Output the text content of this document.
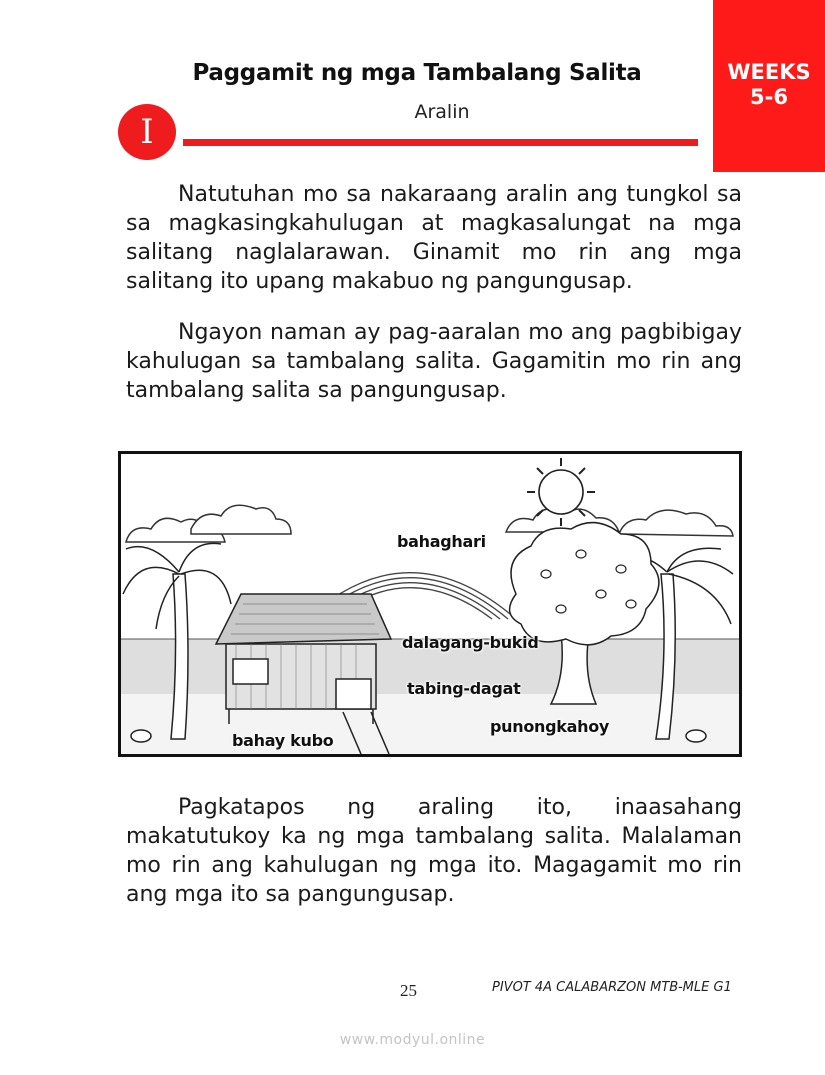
WEEKS
5-6
Paggamit ng mga Tambalang Salita
Aralin
I
Natutuhan mo sa nakaraang aralin ang tungkol sa sa magkasingkahulugan at magkasalungat na mga salitang naglalarawan. Ginamit mo rin ang mga salitang ito upang makabuo ng pangungusap.
Ngayon naman ay pag-aaralan mo ang pagbibigay kahulugan sa tambalang salita. Gagamitin mo rin ang tambalang salita sa pangungusap.
bahaghari
dalagang-bukid
tabing-dagat
punongkahoy
bahay kubo
Pagkatapos ng araling ito, inaasahang makatutukoy ka ng mga tambalang salita. Malalaman mo rin ang kahulugan ng mga ito. Magagamit mo rin ang mga ito sa pangungusap.
25	PIVOT 4A CALABARZON MTB-MLE G1
www.modyul.online
